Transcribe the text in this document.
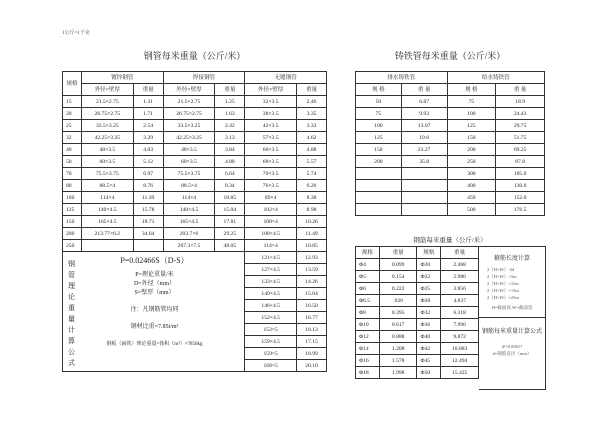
1公斤=1千克
钢管每米重量（公斤/米）
规格	镀锌钢管		焊接钢管		无缝钢管	
	外径×壁厚	重量	外径×壁厚	重量	外径×壁厚	重量
15	21.5×2.75	1.31	21.5×2.75	1.25	32×3.5	2.46
20	26.75×2.75	1.71	26.75×2.75	1.63	38×3.5	3.35
25	33.5×3.25	2.54	33.5×3.25	2.42	42×3.5	3.33
32	42.25×3.25	3.29	42.25×3.25	3.13	57×3.5	4.62
40	48×3.5	4.03	48×3.5	3.84	60×3.5	4.88
50	60×3.5	5.12	60×3.5	4.88	68×3.5	5.57
70	75.5×3.75	6.97	75.5×3.75	6.64	70×3.5	5.74
80	88.5×4	8.76	88.5×4	8.34	76×3.5	6.26
100	114×4	11.39	114×4	10.85	89×4	8.38
125	140×4.5	15.78	140×4.5	15.04	102×4	8.98
150	165×4.5	18.71	165×4.5	17.81	108×4	10.26
200	213.77×6.2	34.64	203.7×6	29.25	108×4.5	11.49
250			267.3×7.5	48.05	114×4	10.85
					121×4.5	12.93
					127×4.5	13.59
					133×4.5	14.26
					140×4.5	15.04
					146×4.5	16.50
					152×4.5	16.77
					152×5	18.13
					159×4.5	17.15
					159×5	18.99
					168×5	20.10
钢管理论重量计算公式	P=0.02466S（D-S）
P=理论重量/米
D=外径（mm）
S=壁厚（mm）
注：凡钢筋管均同
钢材比重=7.85t/m³
钢板（扁铁）理论重量=体积（m³）×7850kg
铸铁管每米重量（公斤/米）
排水铸铁管		给水铸铁管	
规 格	重 量	规 格	重 量
50	6.87	75	18.9
75	9.93	100	24.43
100	13.07	125	29.75
125	19.6	150	51.75
150	23.27	200	69.25
200	35.8	250	87.8
		300	105.0
		400	130.0
		450	152.0
		500	176.5
钢筋每米重量（公斤/米）
规格	重量	规格	重量
Φ4	0.099	Φ20	2.468
Φ5	0.154	Φ22	2.986
Φ6	0.222	Φ25	3.856
Φ6.5	.026	Φ28	4.837
Φ8	0.395	Φ32	6.318
Φ10	0.617	Φ36	7.996
Φ12	0.888	Φ40	9.872
Φ14	1.208	Φ42	10.883
Φ16	1.578	Φ45	12.494
Φ18	1.998	Φ50	15.425
箍筋长度计算
2（H+W）-2d
2（H+W）+5m
2（H+W）+11m
2（H+W）+13m
2（H+W）+25m
H=截面高 W=截面宽
钢筋每米重量计算公式
d²×0.00617
d=钢筋直径（mm）
